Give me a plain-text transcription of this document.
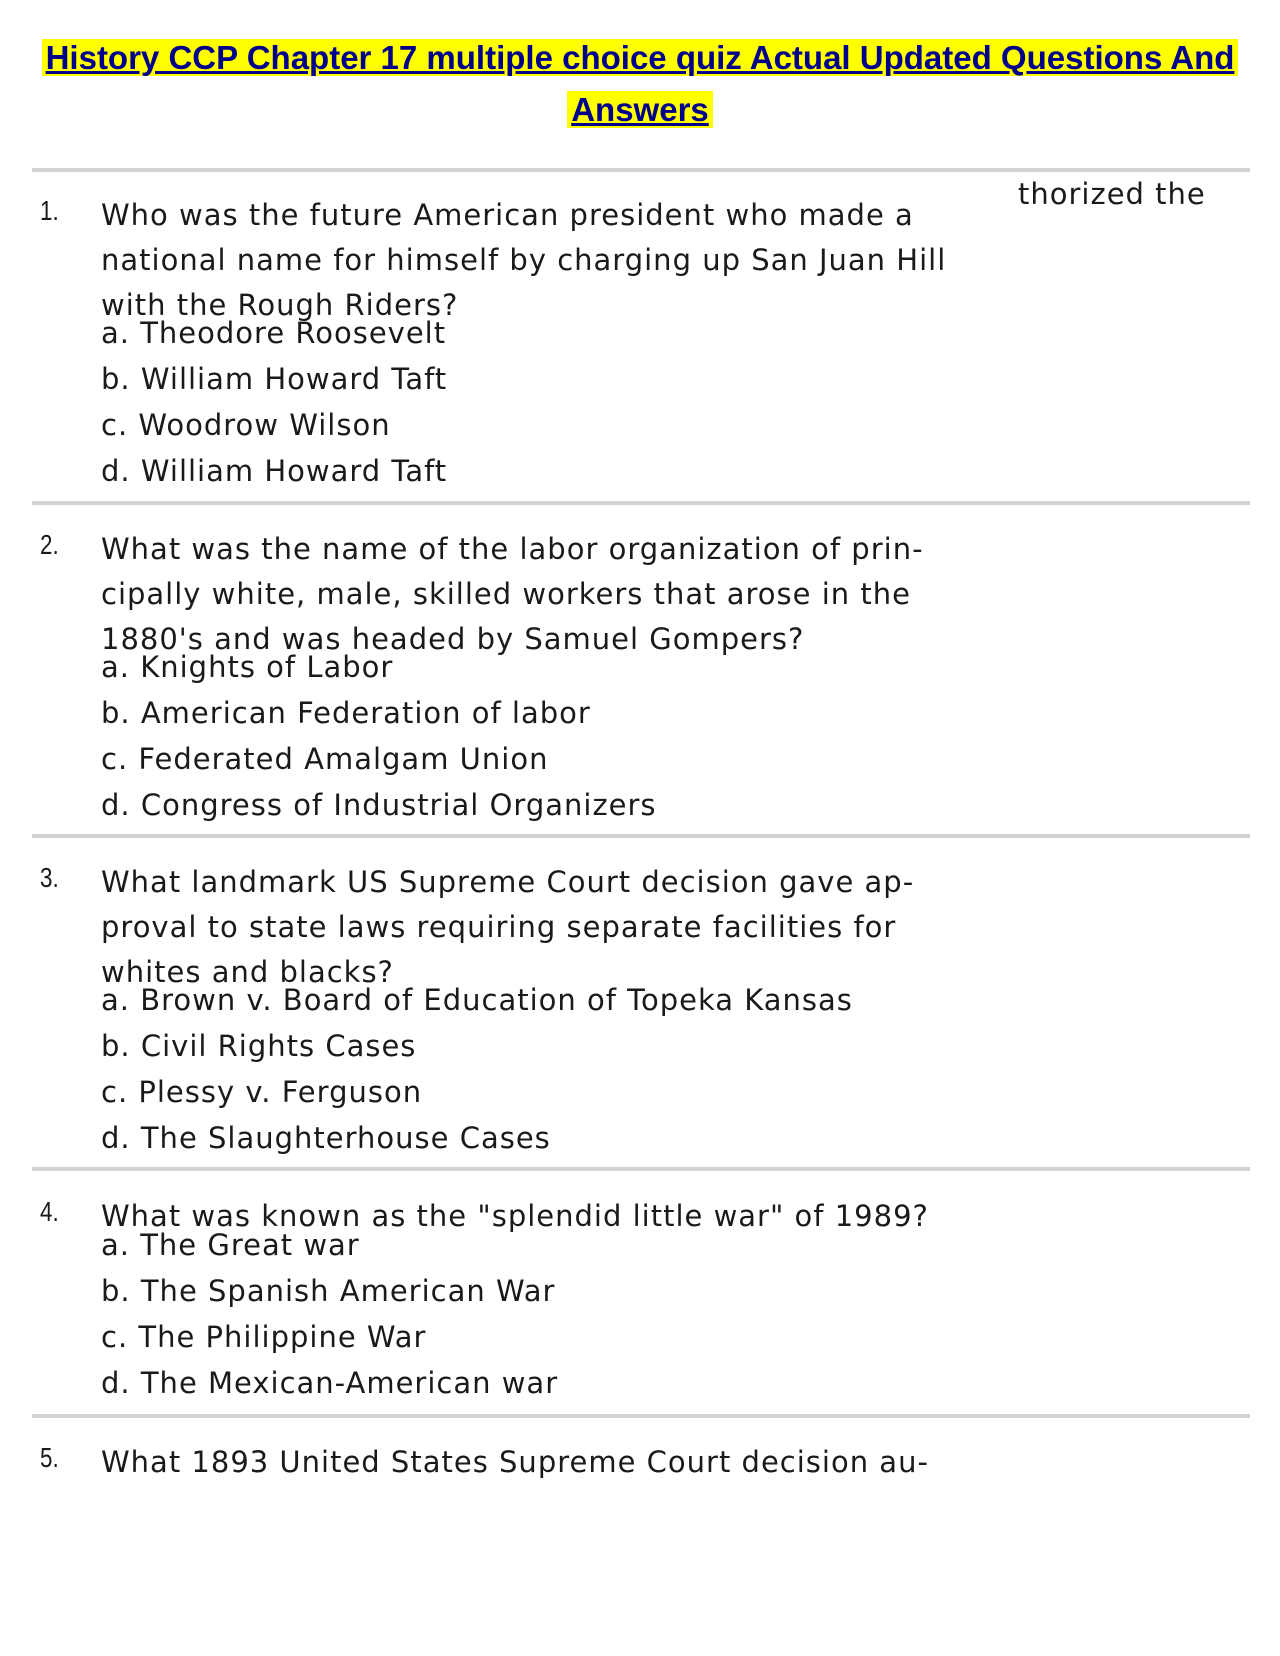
History CCP Chapter 17 multiple choice quiz Actual Updated Questions And
Answers
thorized the
1. Who was the future American president who made a
national name for himself by charging up San Juan Hill
with the Rough Riders?
a. Theodore Roosevelt
b. William Howard Taft
c. Woodrow Wilson
d. William Howard Taft
2. What was the name of the labor organization of prin-
cipally white, male, skilled workers that arose in the
1880's and was headed by Samuel Gompers?
a. Knights of Labor
b. American Federation of labor
c. Federated Amalgam Union
d. Congress of Industrial Organizers
3. What landmark US Supreme Court decision gave ap-
proval to state laws requiring separate facilities for
whites and blacks?
a. Brown v. Board of Education of Topeka Kansas
b. Civil Rights Cases
c. Plessy v. Ferguson
d. The Slaughterhouse Cases
4. What was known as the "splendid little war" of 1989?
a. The Great war
b. The Spanish American War
c. The Philippine War
d. The Mexican-American war
5. What 1893 United States Supreme Court decision au-
